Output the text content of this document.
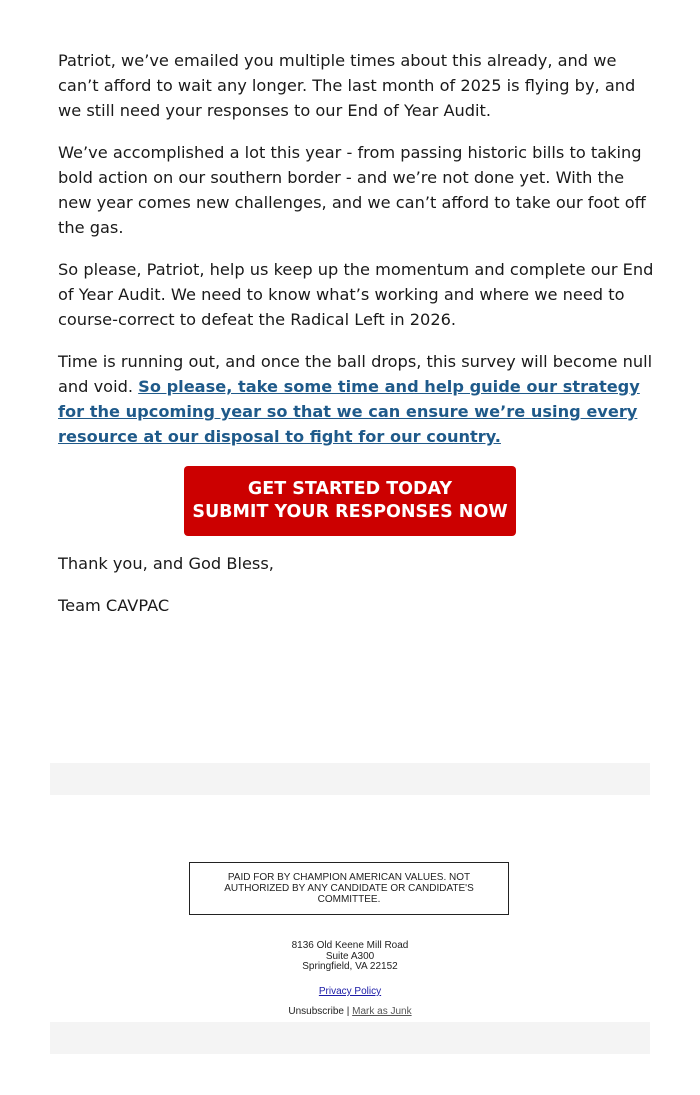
Patriot, we’ve emailed you multiple times about this already, and we can’t afford to wait any longer. The last month of 2025 is flying by, and we still need your responses to our End of Year Audit.

We’ve accomplished a lot this year - from passing historic bills to taking bold action on our southern border - and we’re not done yet. With the new year comes new challenges, and we can’t afford to take our foot off the gas.

So please, Patriot, help us keep up the momentum and complete our End of Year Audit. We need to know what’s working and where we need to course-correct to defeat the Radical Left in 2026.

Time is running out, and once the ball drops, this survey will become null and void. So please, take some time and help guide our strategy for the upcoming year so that we can ensure we’re using every resource at our disposal to fight for our country.

GET STARTED TODAY
SUBMIT YOUR RESPONSES NOW

Thank you, and God Bless,

Team CAVPAC

PAID FOR BY CHAMPION AMERICAN VALUES. NOT AUTHORIZED BY ANY CANDIDATE OR CANDIDATE'S COMMITTEE.
8136 Old Keene Mill Road
Suite A300
Springfield, VA 22152
Privacy Policy
Unsubscribe | Mark as Junk
